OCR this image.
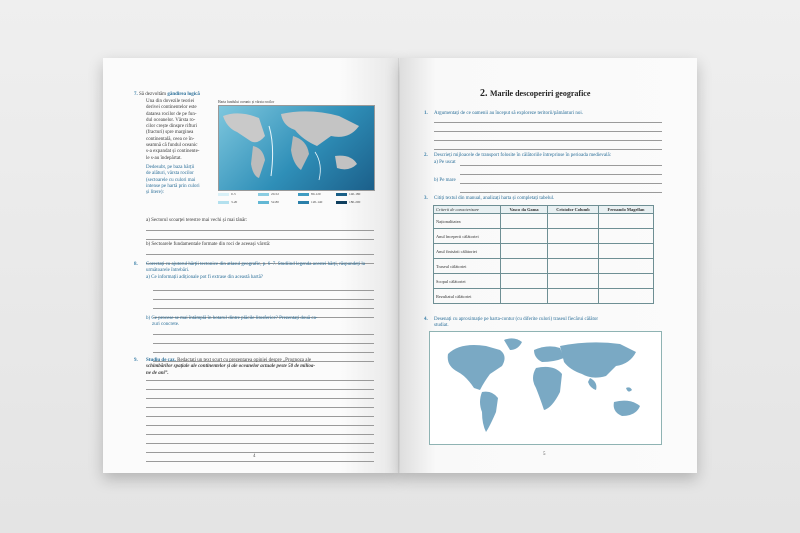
7. Să dezvoltăm gândirea logică
Una din dovezile teoriei
derivei continentelor este
datarea rocilor de pe fun-
dul oceanelor. Vârsta ro-
cilor crește dinspre rifturi
(fracturi) spre marginea
continentală, ceea ce în-
seamnă că fundul oceanic
s-a expandat și continente-
le s-au îndepărtat.
Dedesubt, pe baza hărții
de alături, vârsta rocilor
(sectoarele cu culori mai
intense pe hartă prin culori
și litere):
Harta fundului oceanic și vârsta rocilor
0-3
3-20
20-52
52-80
80-120
120-140
140-180
180-200
a) Sectorul scoarței terestre mai vechi și mai tânăr:
b) Sectoarele fundamentale formate din roci de aceeași vârstă:
8. Corectați cu ajutorul hărții tectonice din atlasul geografic, p. 6–7. Studiind legenda acestei hărți, răspundeți la următoarele întrebări.
a) Ce informații adiționale pot fi extrase din această hartă?
b) Ce procese se mai întâmplă în hotarul dintre plăcile litosferice? Prezentați două ca-
zuri concrete.
9. Studiu de caz. Redactați un text scurt cu prezentarea opiniei despre „Prognoza ale
schimbărilor spațiale ale continentelor și ale oceanelor actuale peste 50 de milioa-
ne de ani”.
4
2. Marile descoperiri geografice
1. Argumentați de ce oamenii au început să exploreze teritorii/pământuri noi.
2. Descrieți mijloacele de transport folosite în călătoriile întreprinse în perioada medievală:
a) Pe uscat
b) Pe mare
3. Citiți textul din manual, analizați harta și completați tabelul.
Criterii de caracterizare	Vasco da Gama	Cristofor Columb	Fernando Magellan
Naționalitatea			
Anul începerii călătoriei			
Anul finisării călătoriei			
Traseul călătoriei			
Scopul călătoriei			
Rezultatul călătoriei			
4. Desenați cu aproximație pe harta-contur (cu diferite culori) traseul fiecărui călător
studiat.
5
